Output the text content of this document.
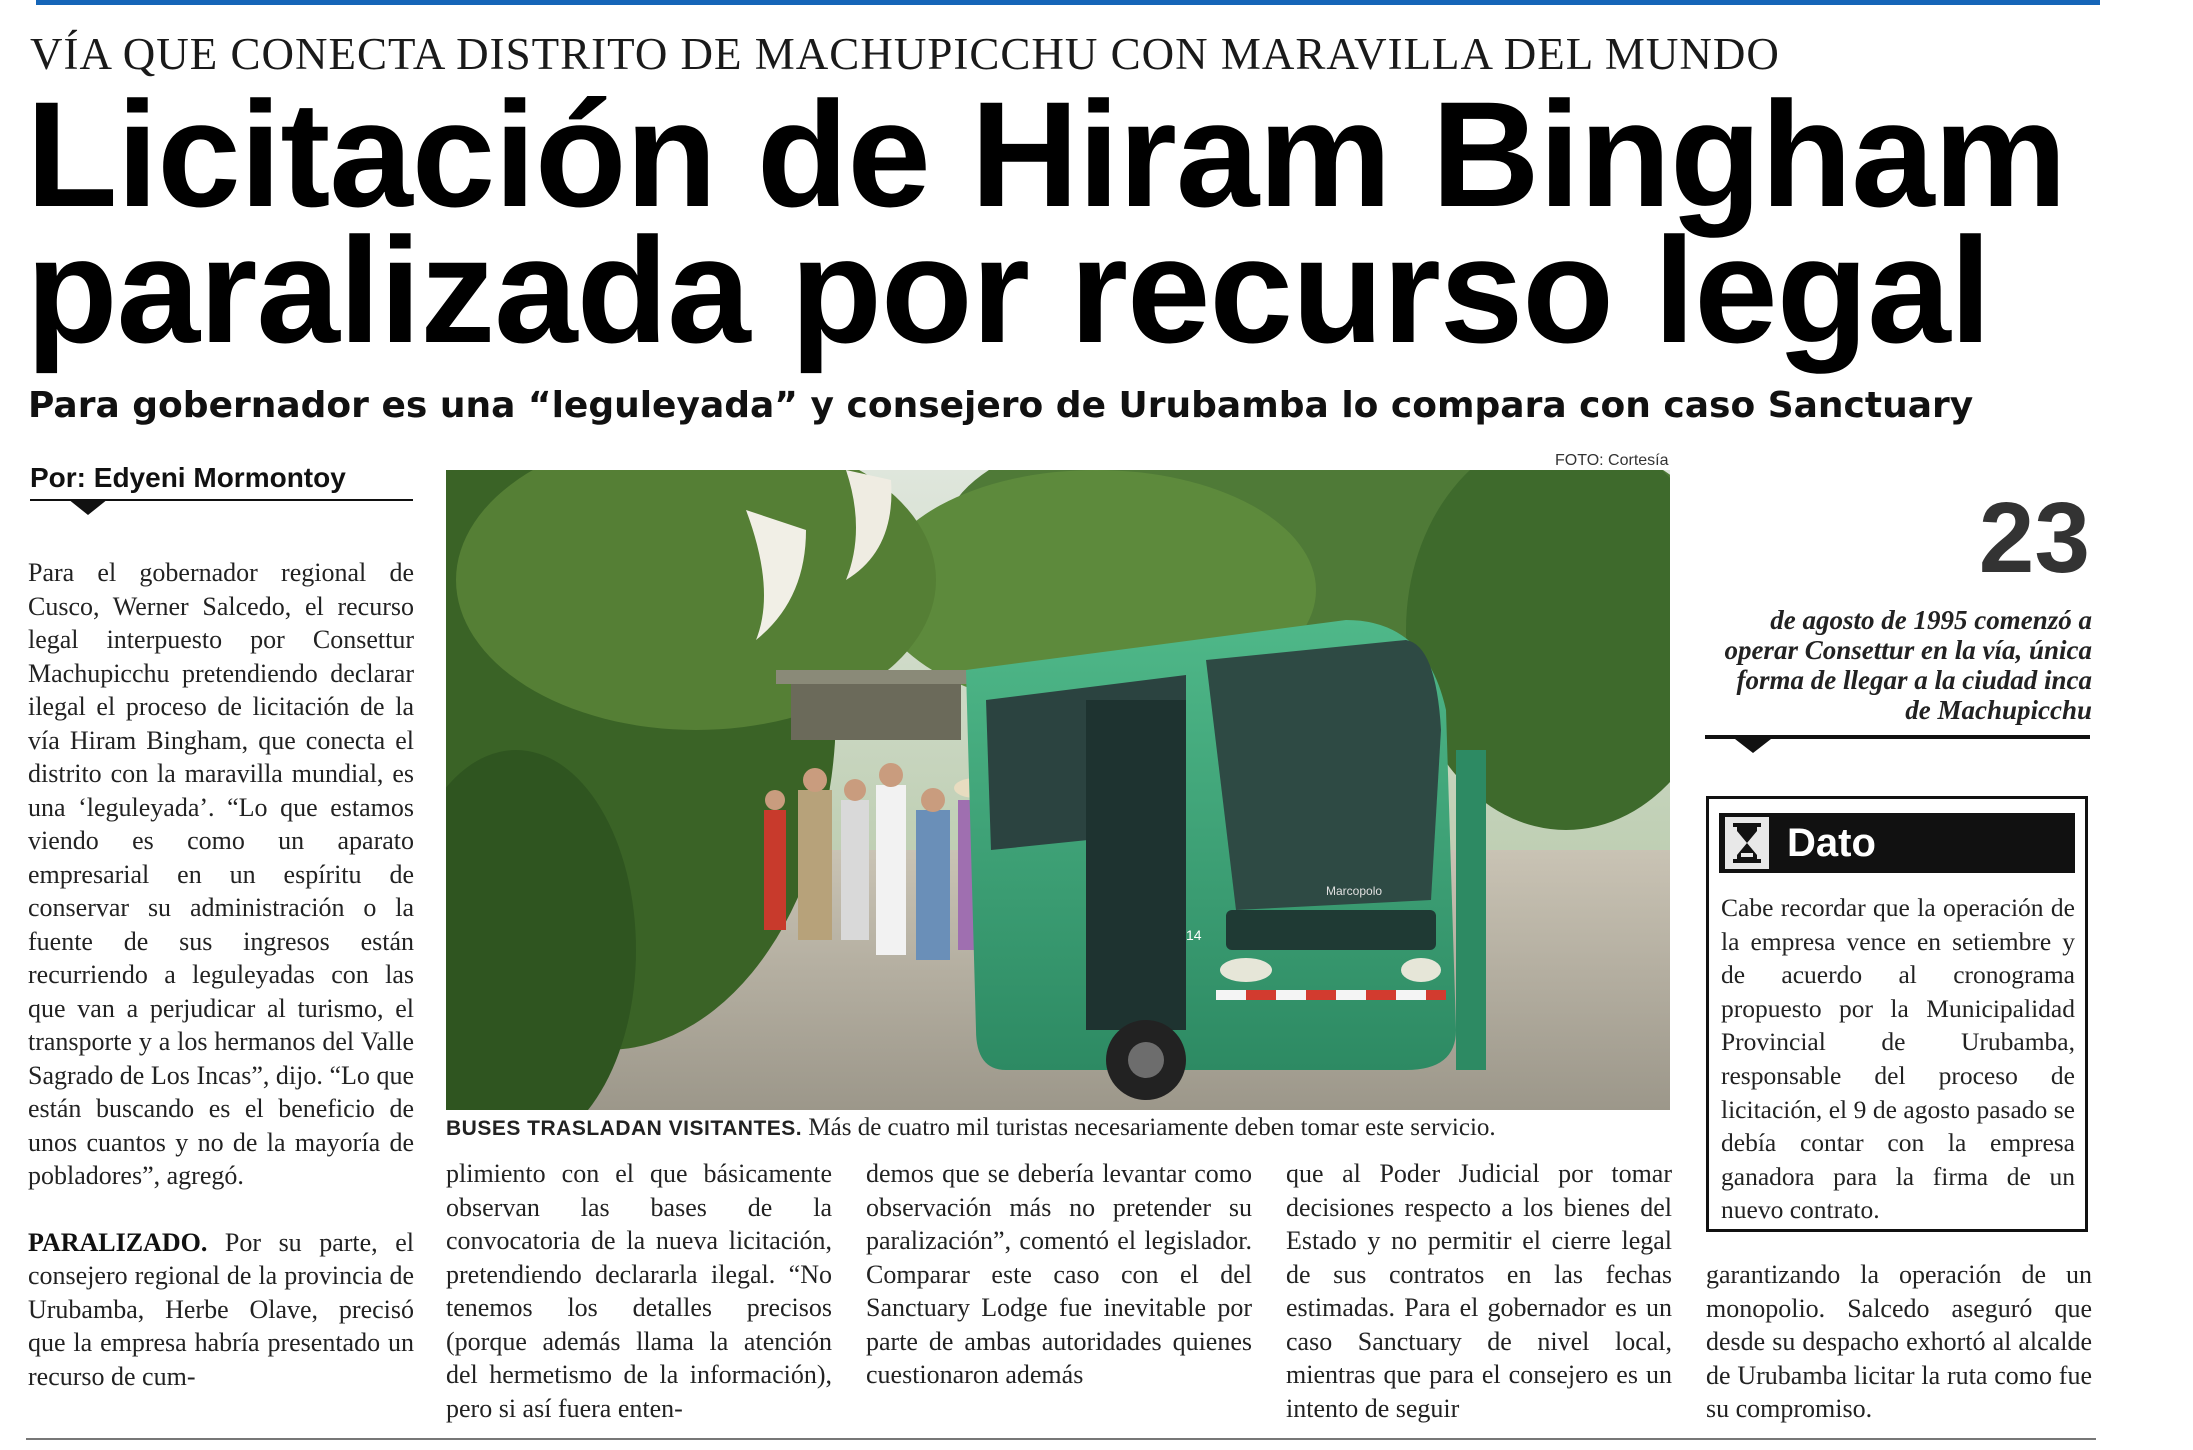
VÍA QUE CONECTA DISTRITO DE MACHUPICCHU CON MARAVILLA DEL MUNDO
Licitación de Hiram Bingham
paralizada por recurso legal
Para gobernador es una “leguleyada” y consejero de Urubamba lo compara con caso Sanctuary
Por: Edyeni Mormontoy

Para el gobernador regional de Cusco, Werner Salcedo, el recurso legal interpuesto por Consettur Machupicchu pretendiendo declarar ilegal el proceso de licitación de la vía Hiram Bingham, que conecta el distrito con la maravilla mundial, es una ‘leguleyada’. “Lo que estamos viendo es como un aparato empresarial en un espíritu de conservar su administración o la fuente de sus ingresos están recurriendo a leguleyadas con las que van a perjudicar al turismo, el transporte y a los hermanos del Valle Sagrado de Los Incas”, dijo. “Lo que están buscando es el beneficio de unos cuantos y no de la mayoría de pobladores”, agregó.

PARALIZADO. Por su parte, el consejero regional de la provincia de Urubamba, Herbe Olave, precisó que la empresa habría presentado un recurso de cum-

FOTO: Cortesía
Marcopolo
14
BUSES TRASLADAN VISITANTES. Más de cuatro mil turistas necesariamente deben tomar este servicio.

plimiento con el que básicamente observan las bases de la convocatoria de la nueva licitación, pretendiendo declararla ilegal. “No tenemos los detalles precisos (porque además llama la atención del hermetismo de la información), pero si así fuera enten-

demos que se debería levantar como observación más no pretender su paralización”, comentó el legislador. Comparar este caso con el del Sanctuary Lodge fue inevitable por parte de ambas autoridades quienes cuestionaron además

que al Poder Judicial por tomar decisiones respecto a los bienes del Estado y no permitir el cierre legal de sus contratos en las fechas estimadas. Para el gobernador es un caso Sanctuary de nivel local, mientras que para el consejero es un intento de seguir

garantizando la operación de un monopolio. Salcedo aseguró que desde su despacho exhortó al alcalde de Urubamba licitar la ruta como fue su compromiso.

23
de agosto de 1995 comenzó a operar Consettur en la vía, única forma de llegar a la ciudad inca de Machupicchu
Dato

Cabe recordar que la operación de la empresa vence en setiembre y de acuerdo al cronograma propuesto por la Municipalidad Provincial de Urubamba, responsable del proceso de licitación, el 9 de agosto pasado se debía contar con la empresa ganadora para la firma de un nuevo contrato.
